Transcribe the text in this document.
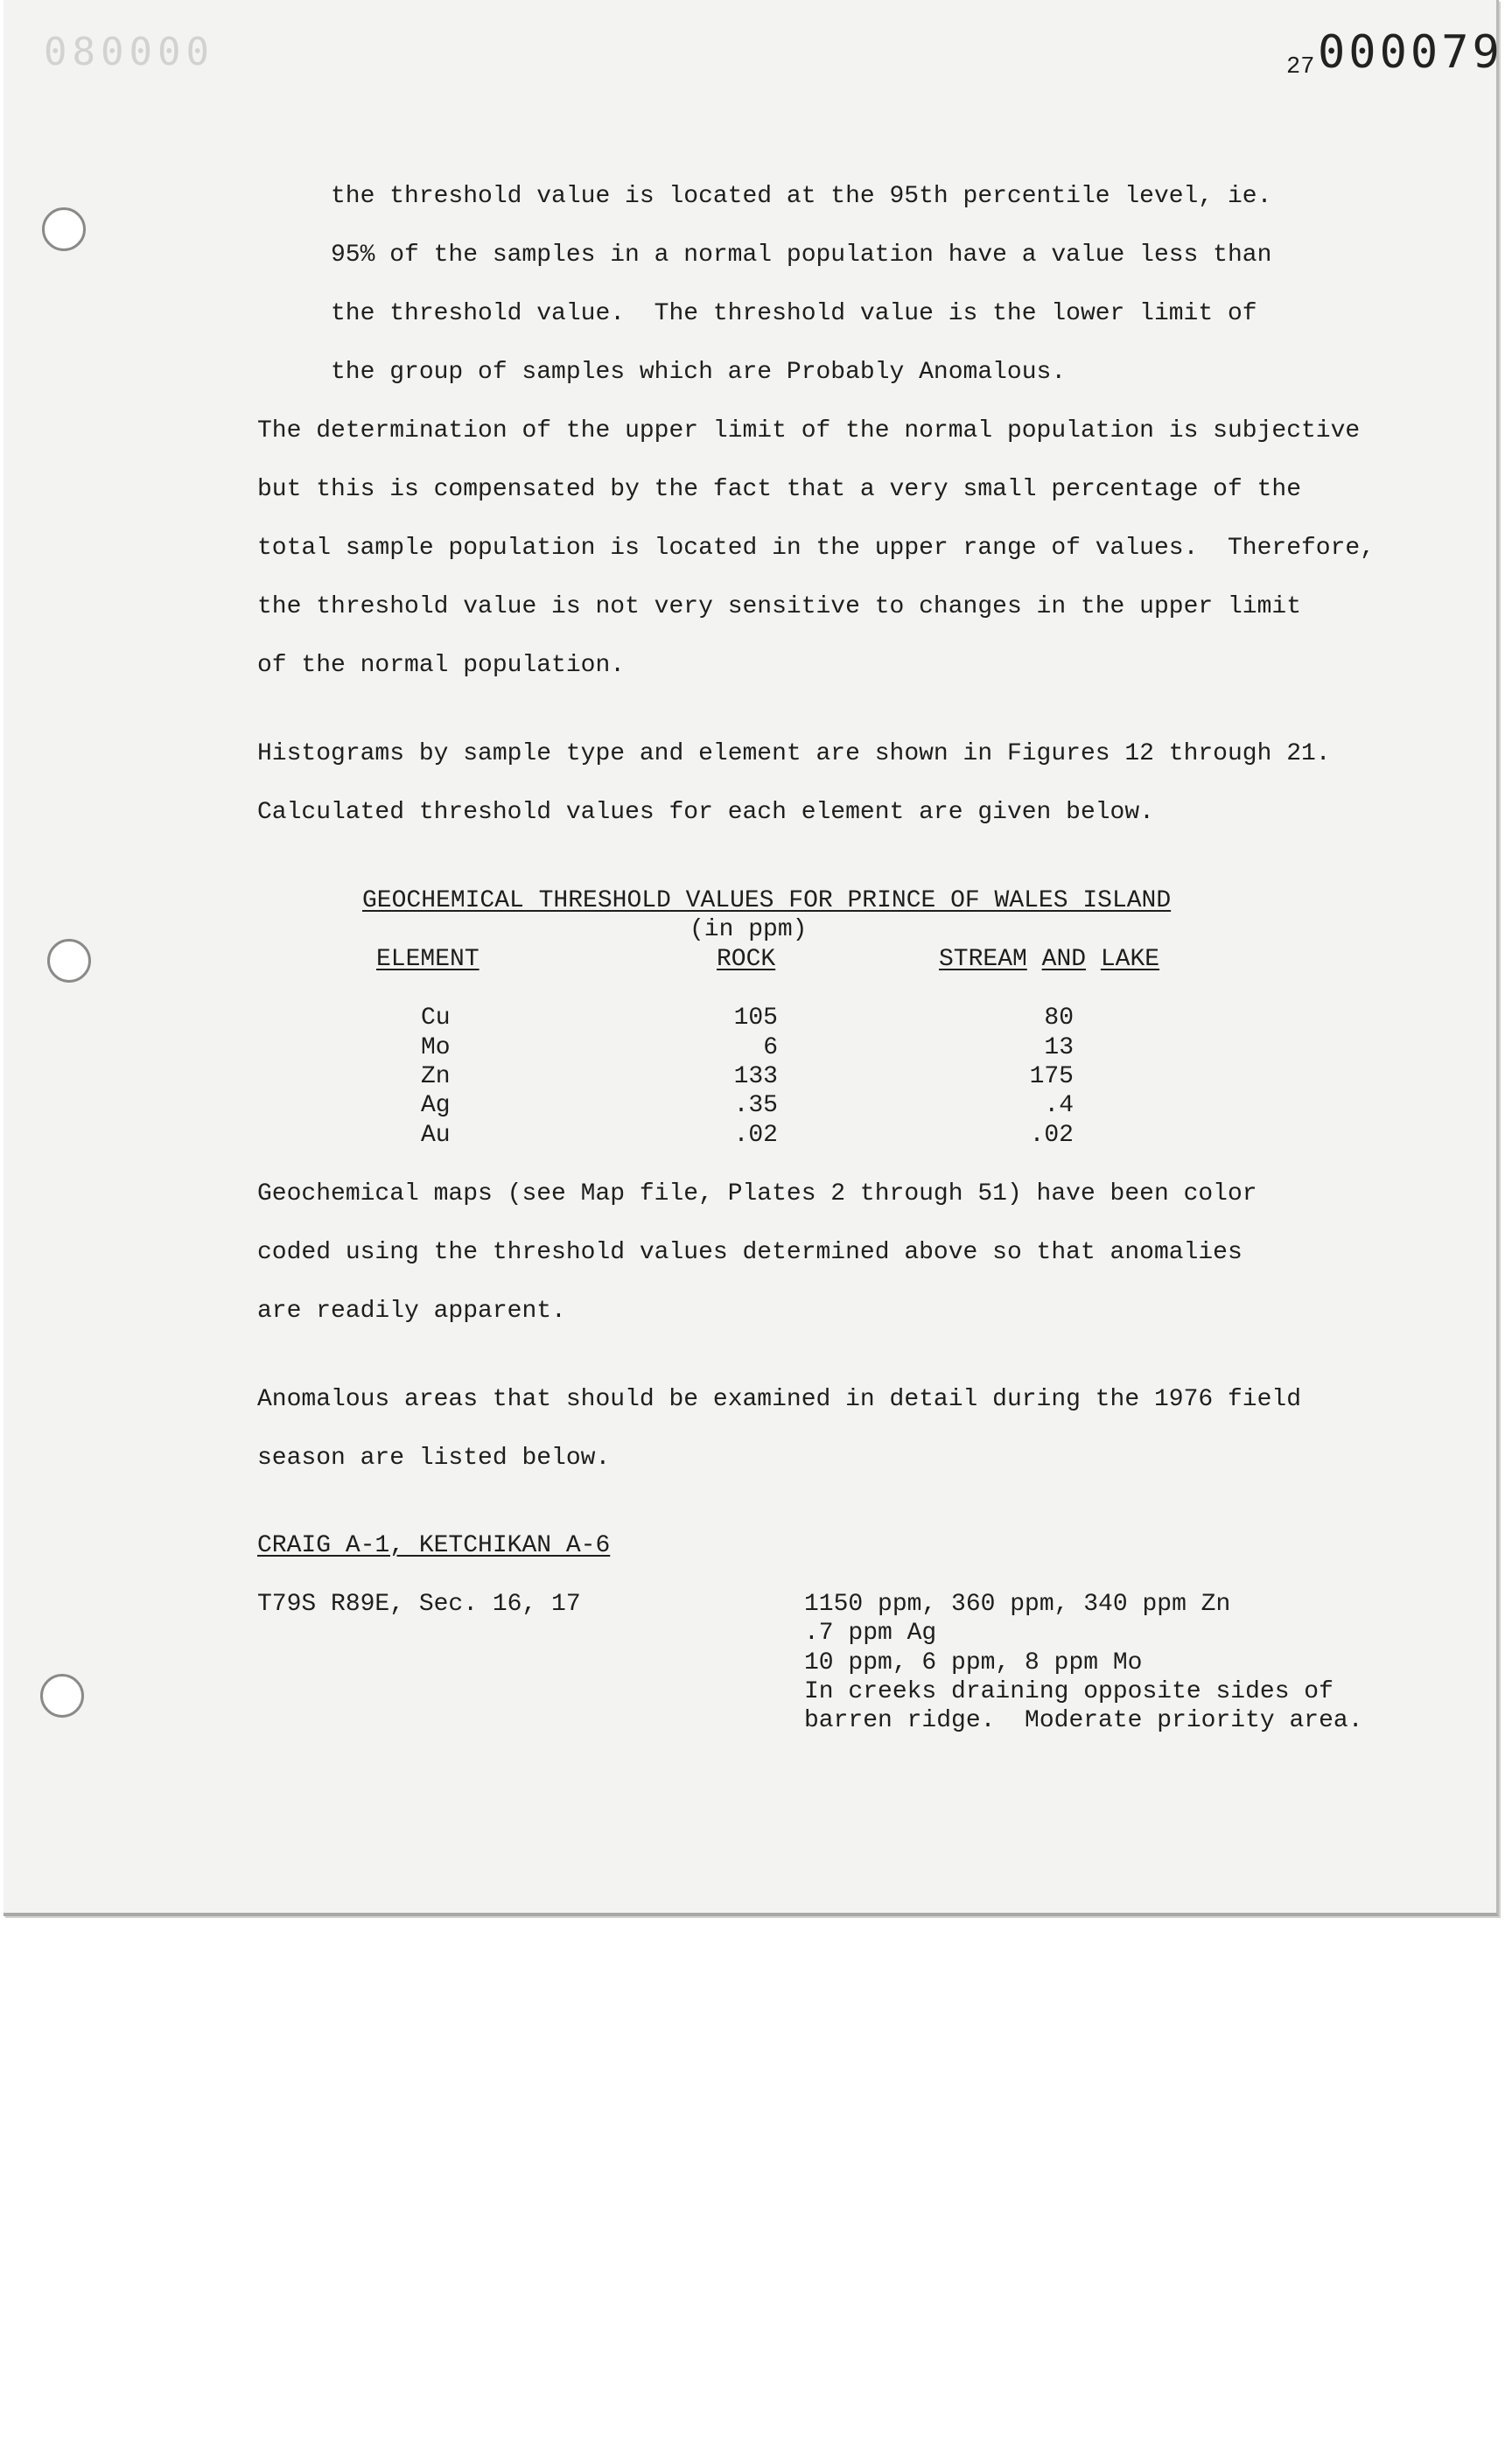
080000	27 000079
the threshold value is located at the 95th percentile level, ie.
95% of the samples in a normal population have a value less than
the threshold value.  The threshold value is the lower limit of
the group of samples which are Probably Anomalous.
The determination of the upper limit of the normal population is subjective
but this is compensated by the fact that a very small percentage of the
total sample population is located in the upper range of values.  Therefore,
the threshold value is not very sensitive to changes in the upper limit
of the normal population.
Histograms by sample type and element are shown in Figures 12 through 21.
Calculated threshold values for each element are given below.
GEOCHEMICAL THRESHOLD VALUES FOR PRINCE OF WALES ISLAND
(in ppm)
ELEMENT	ROCK	STREAM AND LAKE
Cu	105	80
Mo	6	13
Zn	133	175
Ag	.35	.4
Au	.02	.02
Geochemical maps (see Map file, Plates 2 through 51) have been color
coded using the threshold values determined above so that anomalies
are readily apparent.
Anomalous areas that should be examined in detail during the 1976 field
season are listed below.
CRAIG A-1, KETCHIKAN A-6
T79S R89E, Sec. 16, 17	1150 ppm, 360 ppm, 340 ppm Zn
.7 ppm Ag
10 ppm, 6 ppm, 8 ppm Mo
In creeks draining opposite sides of
barren ridge.  Moderate priority area.
